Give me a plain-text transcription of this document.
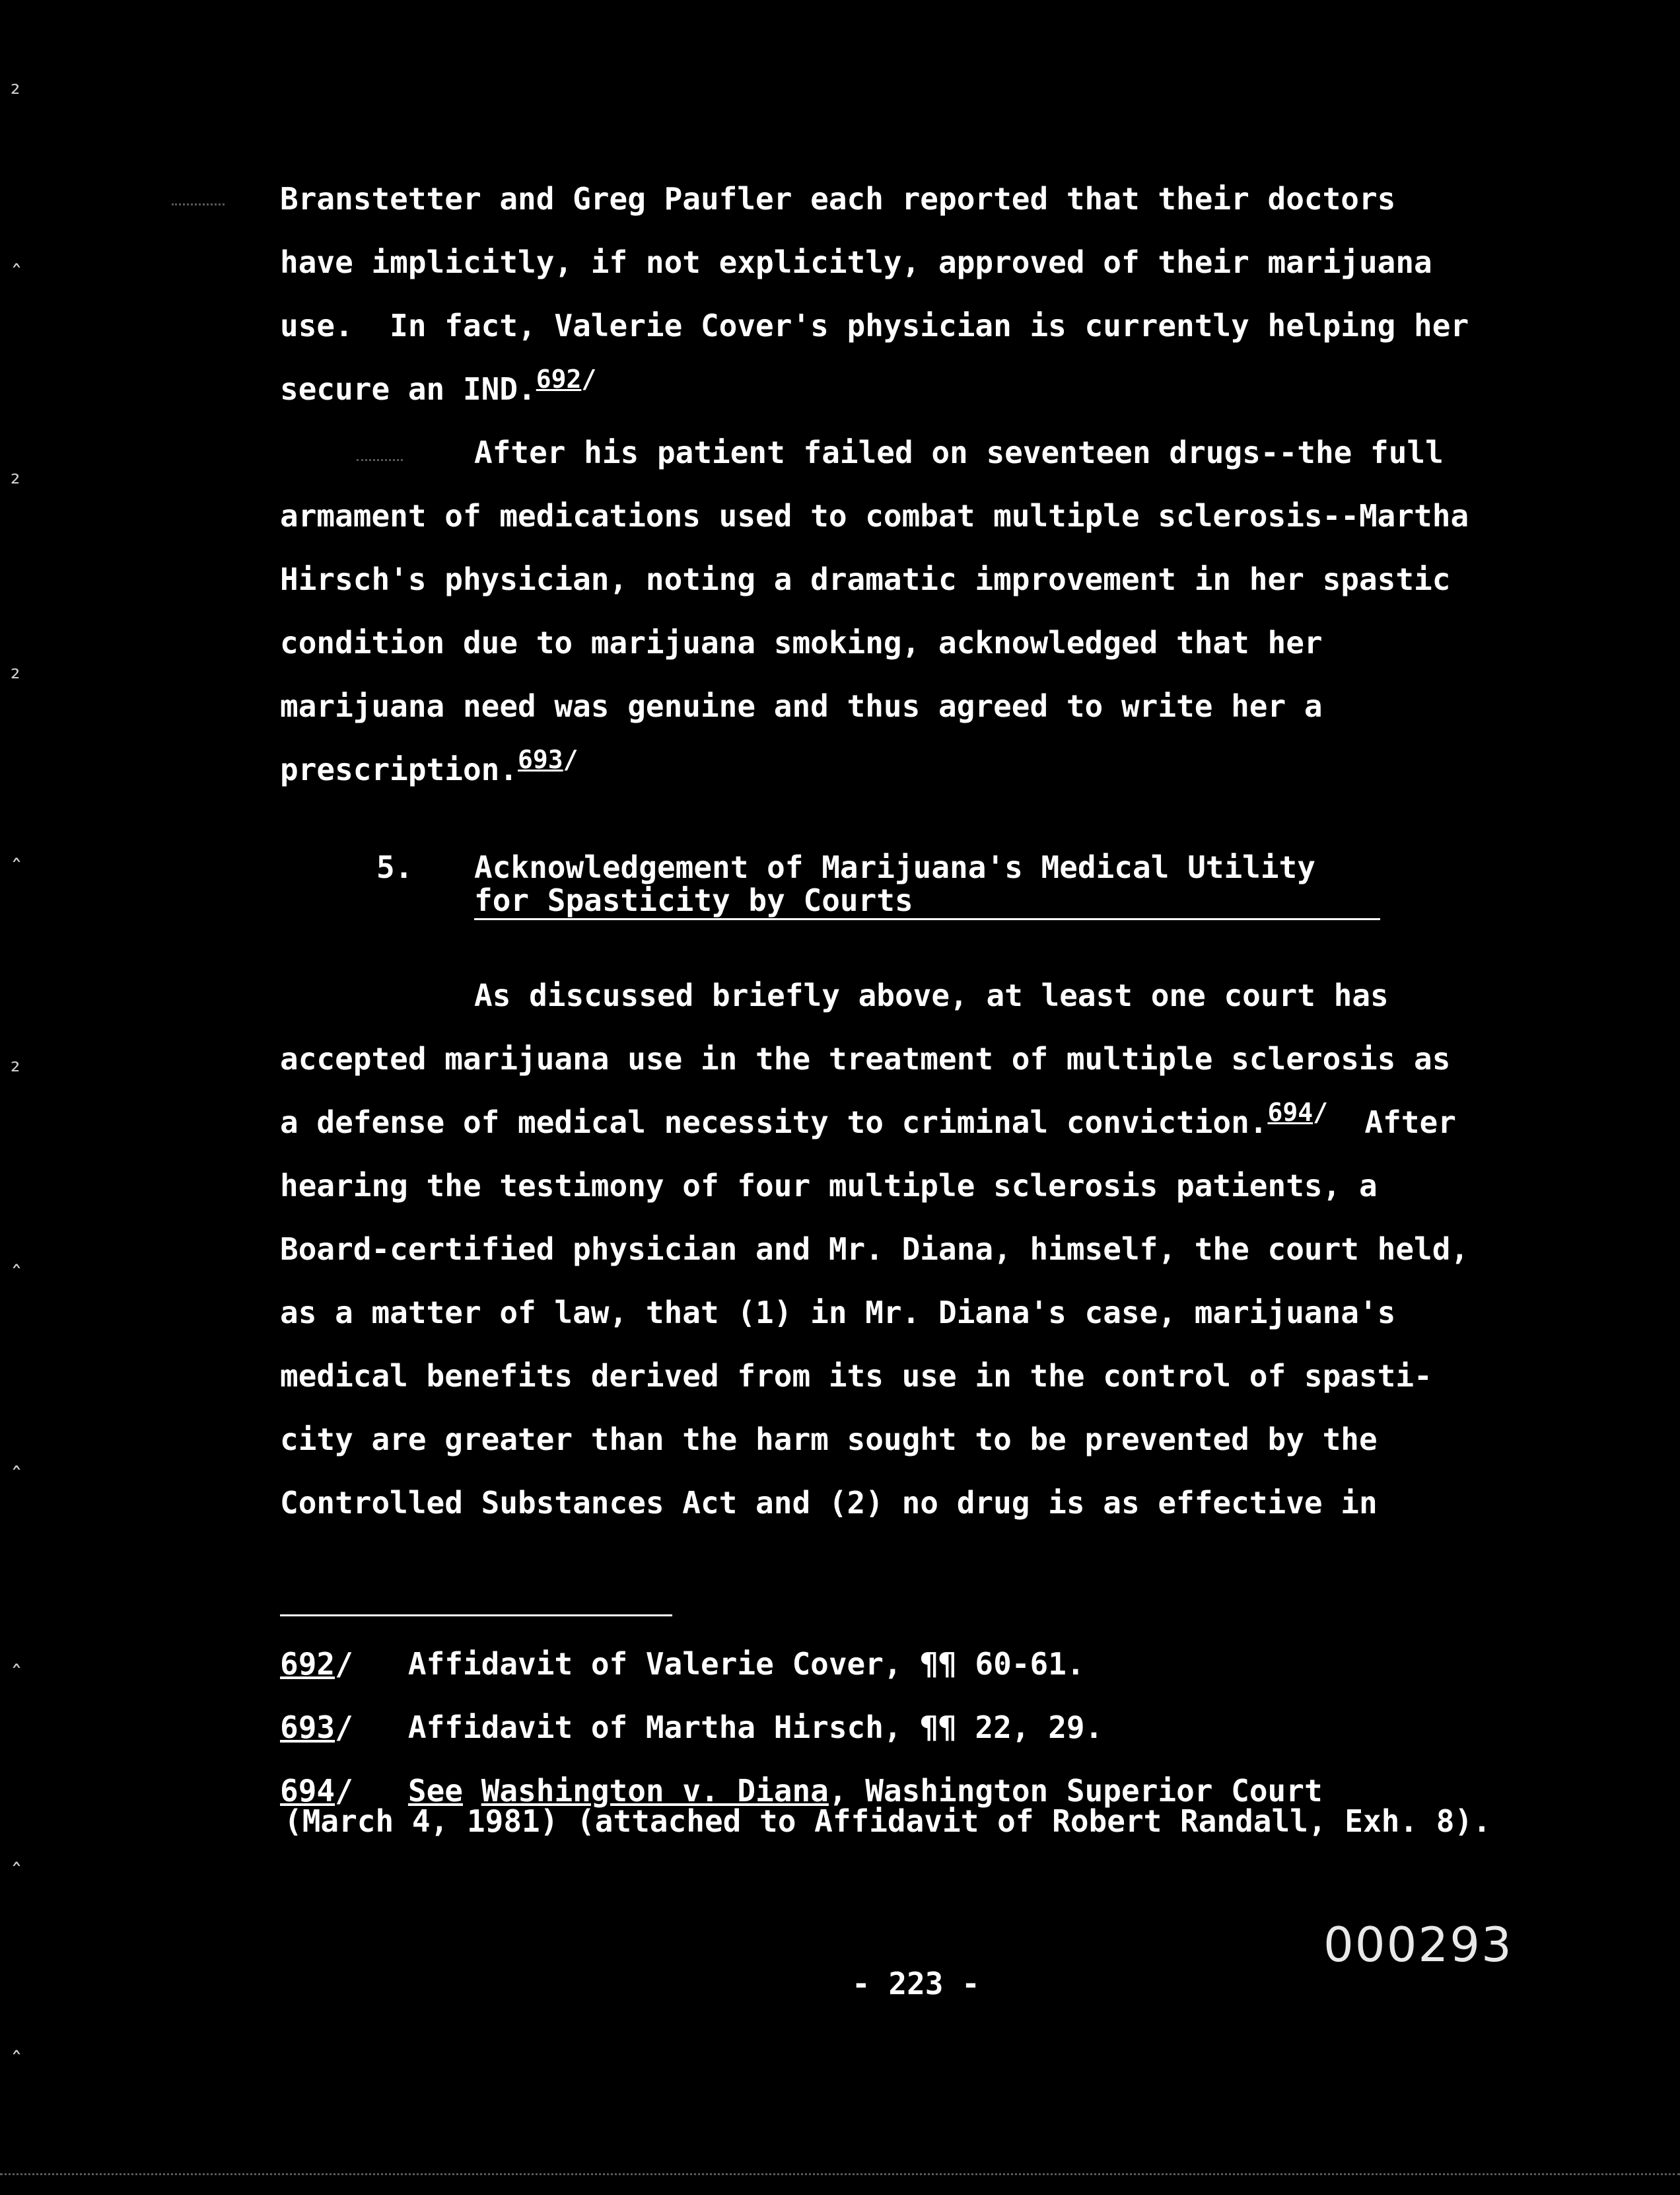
₂
ˆ
₂
₂
ˆ
₂
ˆ
ˆ
ˆ
ˆ
ˆ
Branstetter and Greg Paufler each reported that their doctors
have implicitly, if not explicitly, approved of their marijuana
use.  In fact, Valerie Cover's physician is currently helping her
secure an IND.$^{692/}$
After his patient failed on seventeen drugs--the full
armament of medications used to combat multiple sclerosis--Martha
Hirsch's physician, noting a dramatic improvement in her spastic
condition due to marijuana smoking, acknowledged that her
marijuana need was genuine and thus agreed to write her a
prescription.$^{693/}$
5. Acknowledgement of Marijuana's Medical Utility
for Spasticity by Courts
As discussed briefly above, at least one court has
accepted marijuana use in the treatment of multiple sclerosis as
a defense of medical necessity to criminal conviction.$^{694/}$ After
hearing the testimony of four multiple sclerosis patients, a
Board-certified physician and Mr. Diana, himself, the court held,
as a matter of law, that (1) in Mr. Diana's case, marijuana's
medical benefits derived from its use in the control of spasti-
city are greater than the harm sought to be prevented by the
Controlled Substances Act and (2) no drug is as effective in
692/ Affidavit of Valerie Cover, ¶¶ 60-61.
693/ Affidavit of Martha Hirsch, ¶¶ 22, 29.
694/ See Washington v. Diana, Washington Superior Court
(March 4, 1981) (attached to Affidavit of Robert Randall, Exh. 8).
000293
- 223 -
